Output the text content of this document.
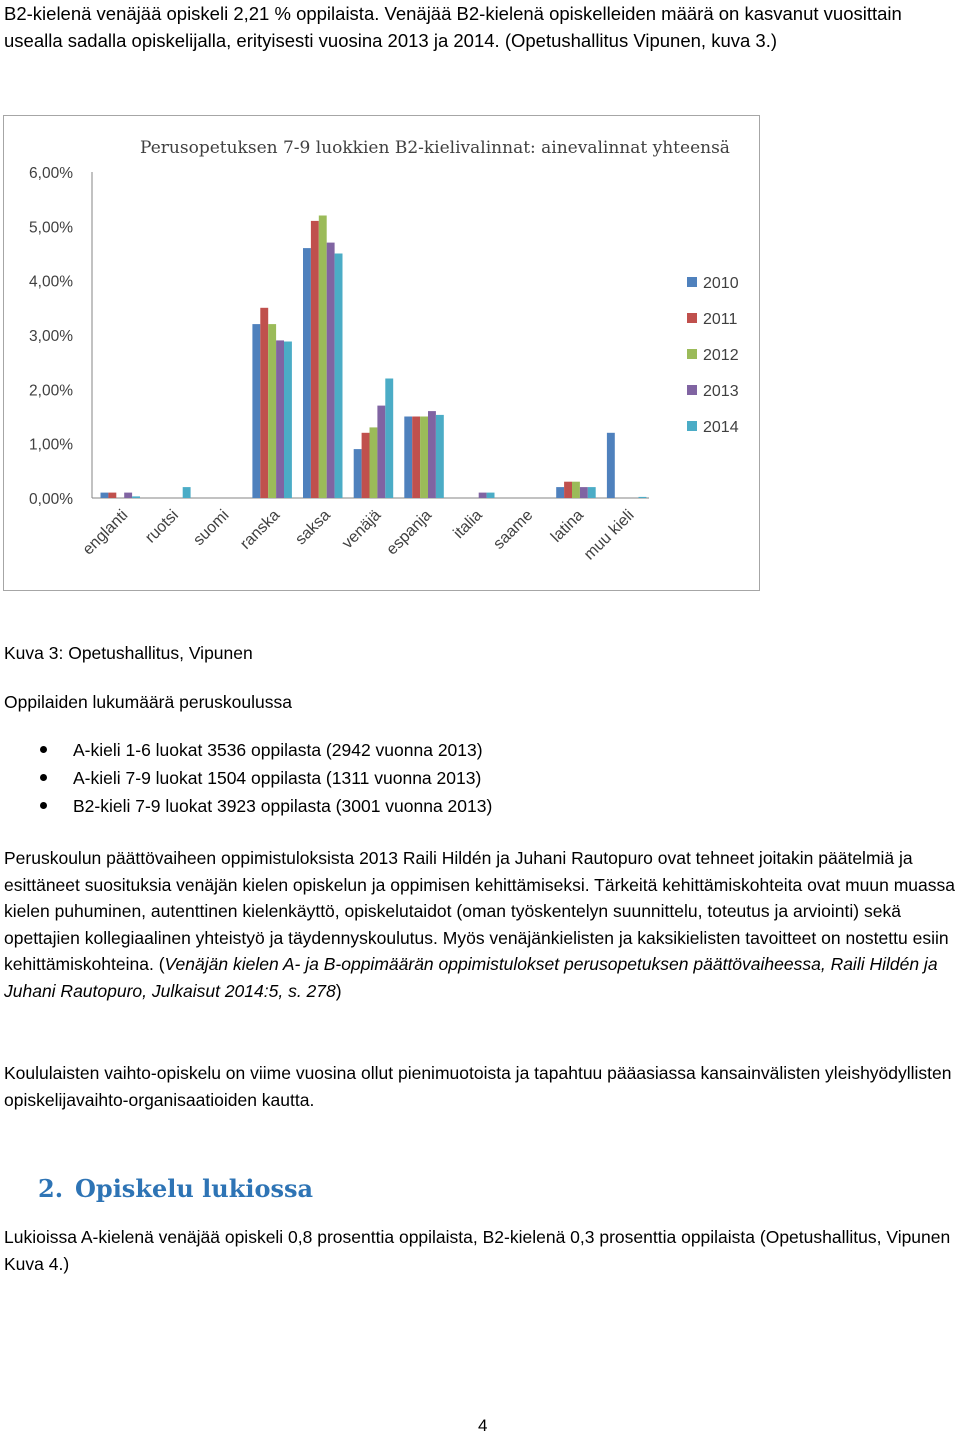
B2-kielenä venäjää opiskeli 2,21 % oppilaista. Venäjää B2-kielenä opiskelleiden määrä on kasvanut vuosittain usealla sadalla opiskelijalla, erityisesti vuosina 2013 ja 2014. (Opetushallitus Vipunen, kuva 3.)

Perusopetuksen 7-9 luokkien B2-kielivalinnat: ainevalinnat yhteensä
0,00%
1,00%
2,00%
3,00%
4,00%
5,00%
6,00%
englanti ruotsi suomi ranska saksa venäjä espanja italia saame latina
muu kieli
2010
2011
2012
2013
2014

Kuva 3: Opetushallitus, Vipunen

Oppilaiden lukumäärä peruskoulussa

A-kieli 1-6 luokat 3536 oppilasta (2942 vuonna 2013)
A-kieli 7-9 luokat 1504 oppilasta (1311 vuonna 2013)
B2-kieli 7-9 luokat 3923 oppilasta (3001 vuonna 2013)

Peruskoulun päättövaiheen oppimistuloksista 2013 Raili Hildén ja Juhani Rautopuro ovat tehneet joitakin päätelmiä ja esittäneet suosituksia venäjän kielen opiskelun ja oppimisen kehittämiseksi. Tärkeitä kehittämiskohteita ovat muun muassa kielen puhuminen, autenttinen kielenkäyttö, opiskelutaidot (oman työskentelyn suunnittelu, toteutus ja arviointi) sekä opettajien kollegiaalinen yhteistyö ja täydennyskoulutus. Myös venäjänkielisten ja kaksikielisten tavoitteet on nostettu esiin kehittämiskohteina. (Venäjän kielen A- ja B-oppimäärän oppimistulokset perusopetuksen päättövaiheessa, Raili Hildén ja Juhani Rautopuro, Julkaisut 2014:5, s. 278)

Koululaisten vaihto-opiskelu on viime vuosina ollut pienimuotoista ja tapahtuu pääasiassa kansainvälisten yleishyödyllisten opiskelijavaihto-organisaatioiden kautta.

2. Opiskelu lukiossa

Lukioissa A-kielenä venäjää opiskeli 0,8 prosenttia oppilaista, B2-kielenä 0,3 prosenttia oppilaista (Opetushallitus, Vipunen Kuva 4.)

4
